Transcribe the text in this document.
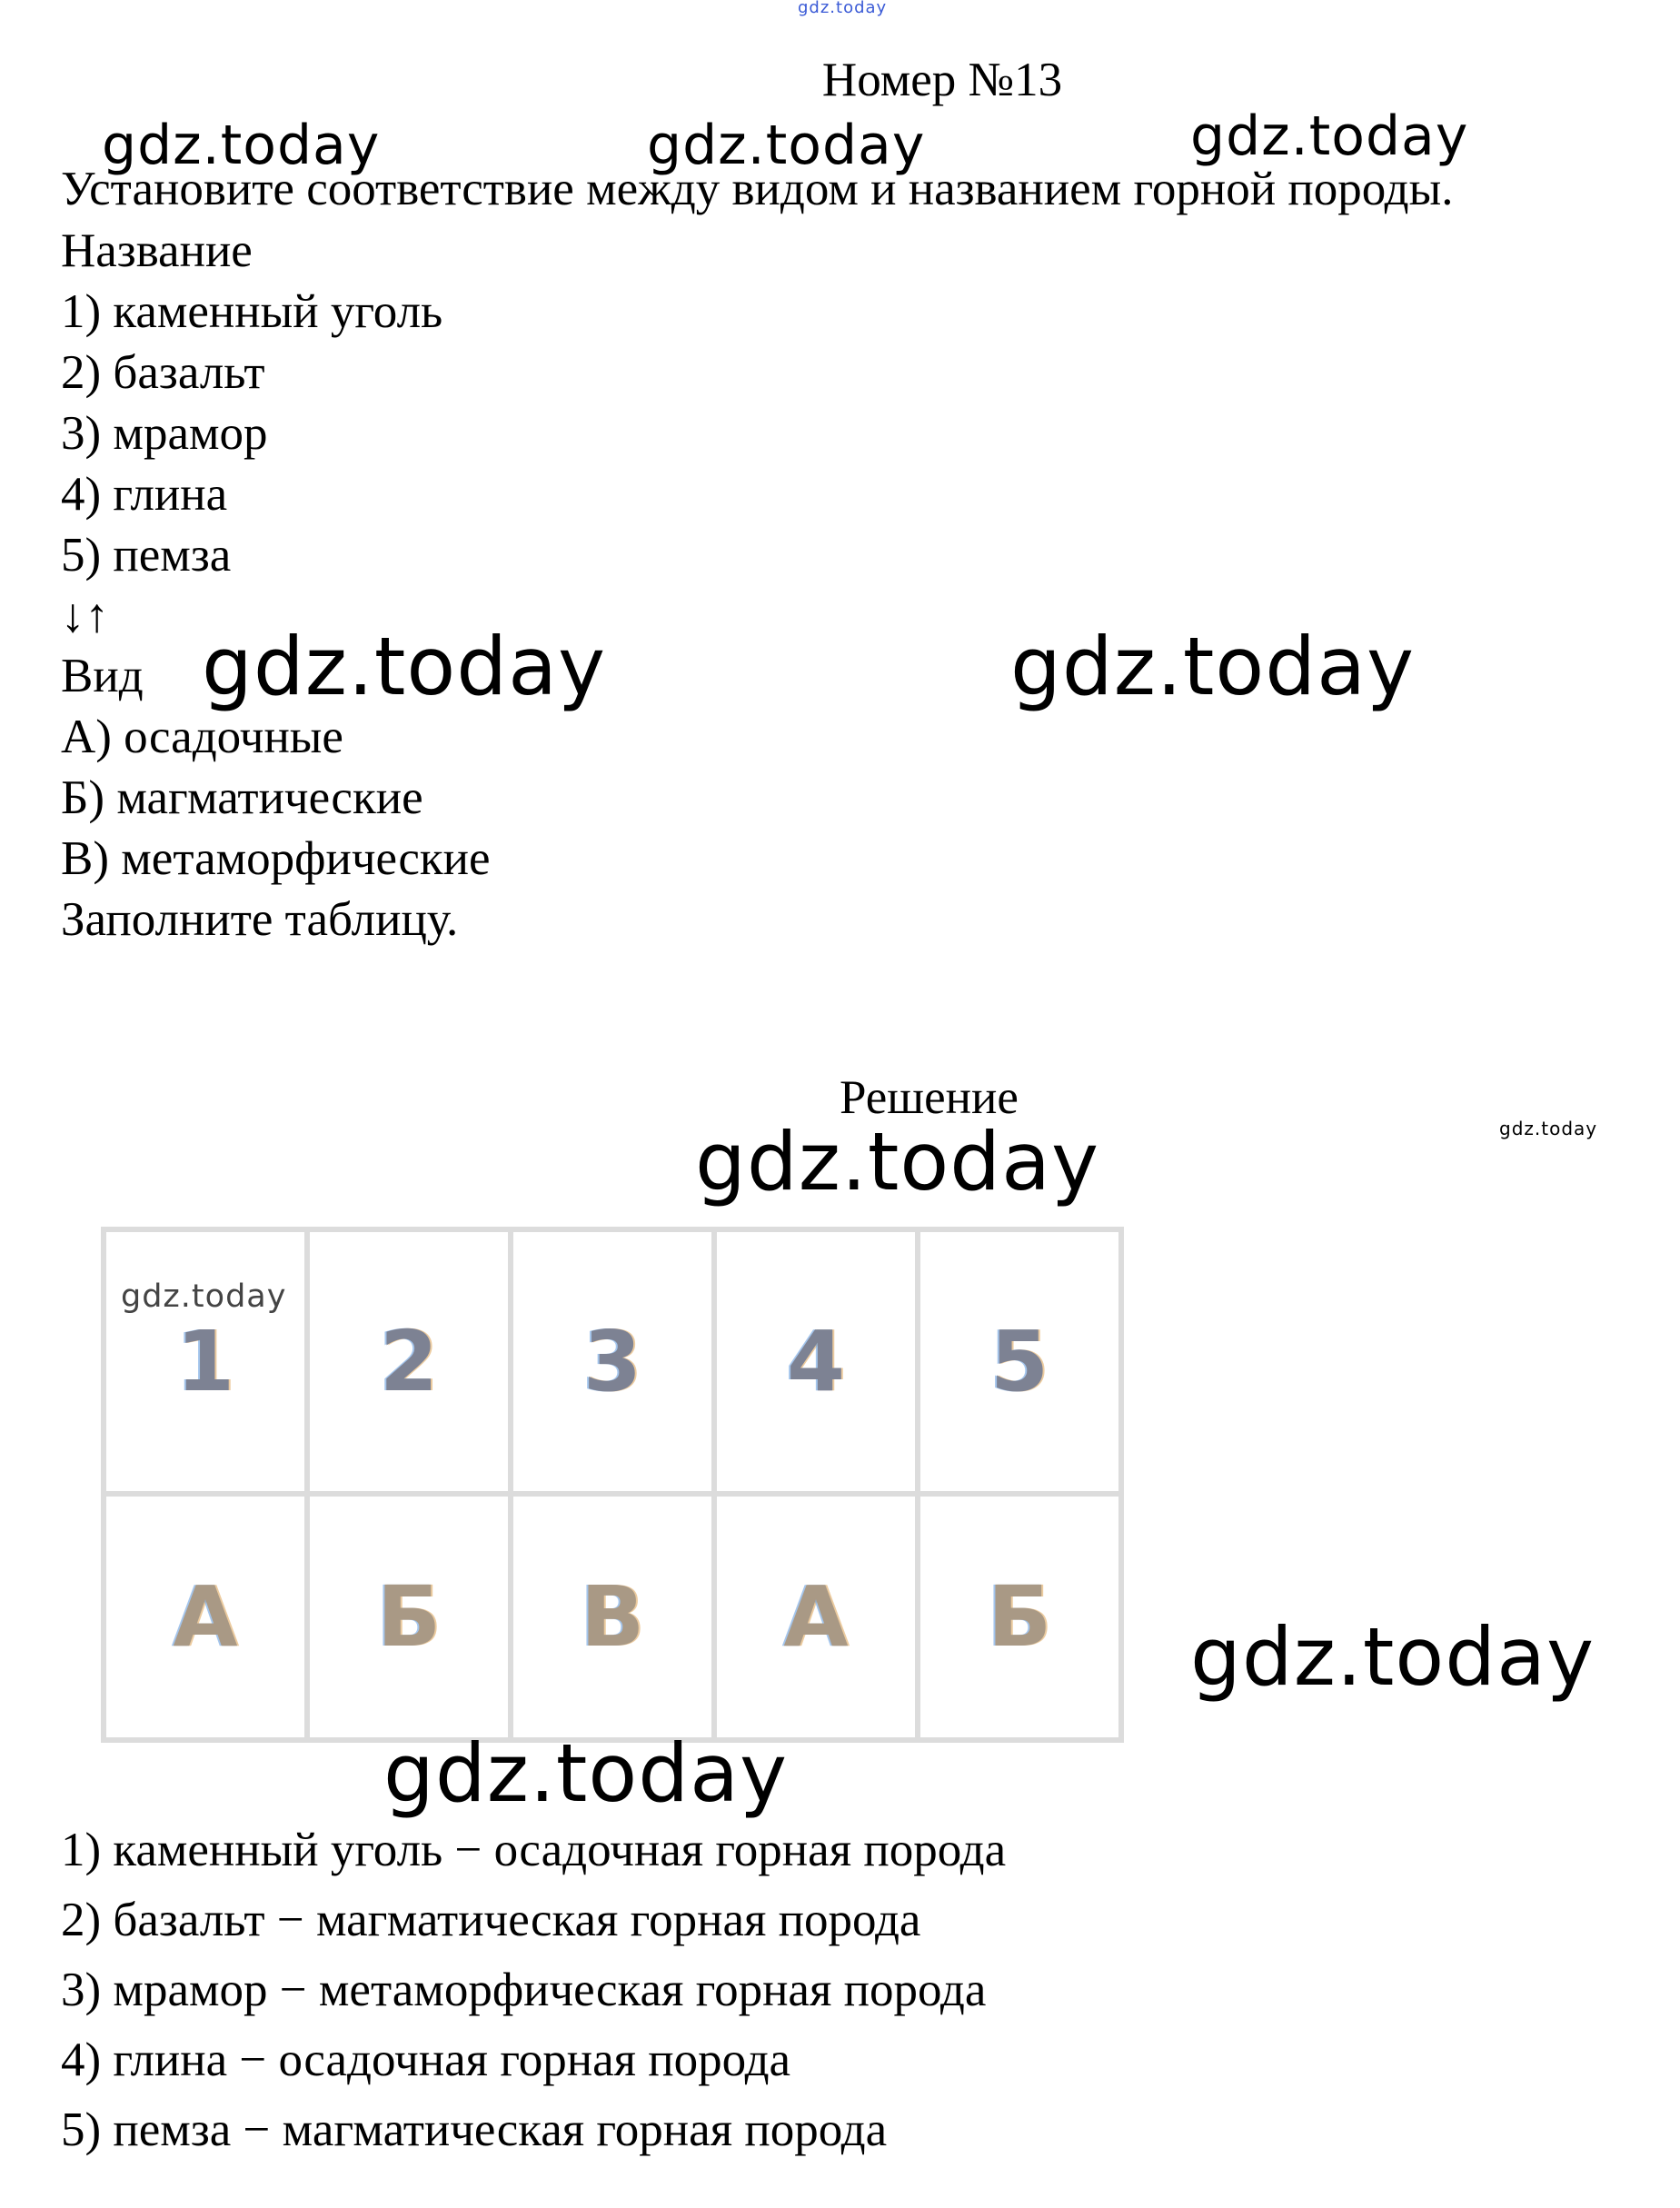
gdz.today
Номер №13
gdz.today	gdz.today	gdz.today
Установите соответствие между видом и названием горной породы.
Название
1) каменный уголь
2) базальт
3) мрамор
4) глина
5) пемза
↓↑
Вид gdz.today	gdz.today
А) осадочные
Б) магматические
В) метаморфические
Заполните таблицу.
Решение
gdz.today	gdz.today
1	2	3	4	5
А	Б	В	А	Б
gdz.today
gdz.today
gdz.today
1) каменный уголь − осадочная горная порода
2) базальт − магматическая горная порода
3) мрамор − метаморфическая горная порода
4) глина − осадочная горная порода
5) пемза − магматическая горная порода
